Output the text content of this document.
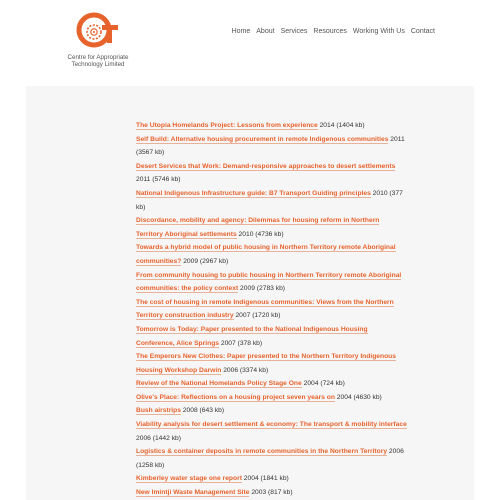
Centre for Appropriate
Technology Limited
Home About Services Resources Working With Us Contact

The Utopia Homelands Project: Lessons from experience 2014 (1404 kb)

Self Build: Alternative housing procurement in remote Indigenous communities 2011 (3567 kb)

Desert Services that Work: Demand-responsive approaches to desert settlements 2011 (5746 kb)

National Indigenous Infrastructure guide: B7 Transport Guiding principles 2010 (377 kb)

Discordance, mobility and agency: Dilemmas for housing reform in Northern Territory Aboriginal settlements 2010 (4736 kb)

Towards a hybrid model of public housing in Northern Territory remote Aboriginal communities? 2009 (2967 kb)

From community housing to public housing in Northern Territory remote Aboriginal communities: the policy context 2009 (2783 kb)

The cost of housing in remote Indigenous communities: Views from the Northern Territory construction industry 2007 (1720 kb)

Tomorrow is Today: Paper presented to the National Indigenous Housing Conference, Alice Springs 2007 (378 kb)

The Emperors New Clothes: Paper presented to the Northern Territory Indigenous Housing Workshop Darwin 2006 (3374 kb)

Review of the National Homelands Policy Stage One 2004 (724 kb)

Olive's Place: Reflections on a housing project seven years on 2004 (4630 kb)

Bush airstrips 2008 (643 kb)

Viability analysis for desert settlement & economy: The transport & mobility interface 2006 (1442 kb)

Logistics & container deposits in remote communities in the Northern Territory 2006 (1258 kb)

Kimberley water stage one report 2004 (1841 kb)

New Imintji Waste Management Site 2003 (817 kb)
